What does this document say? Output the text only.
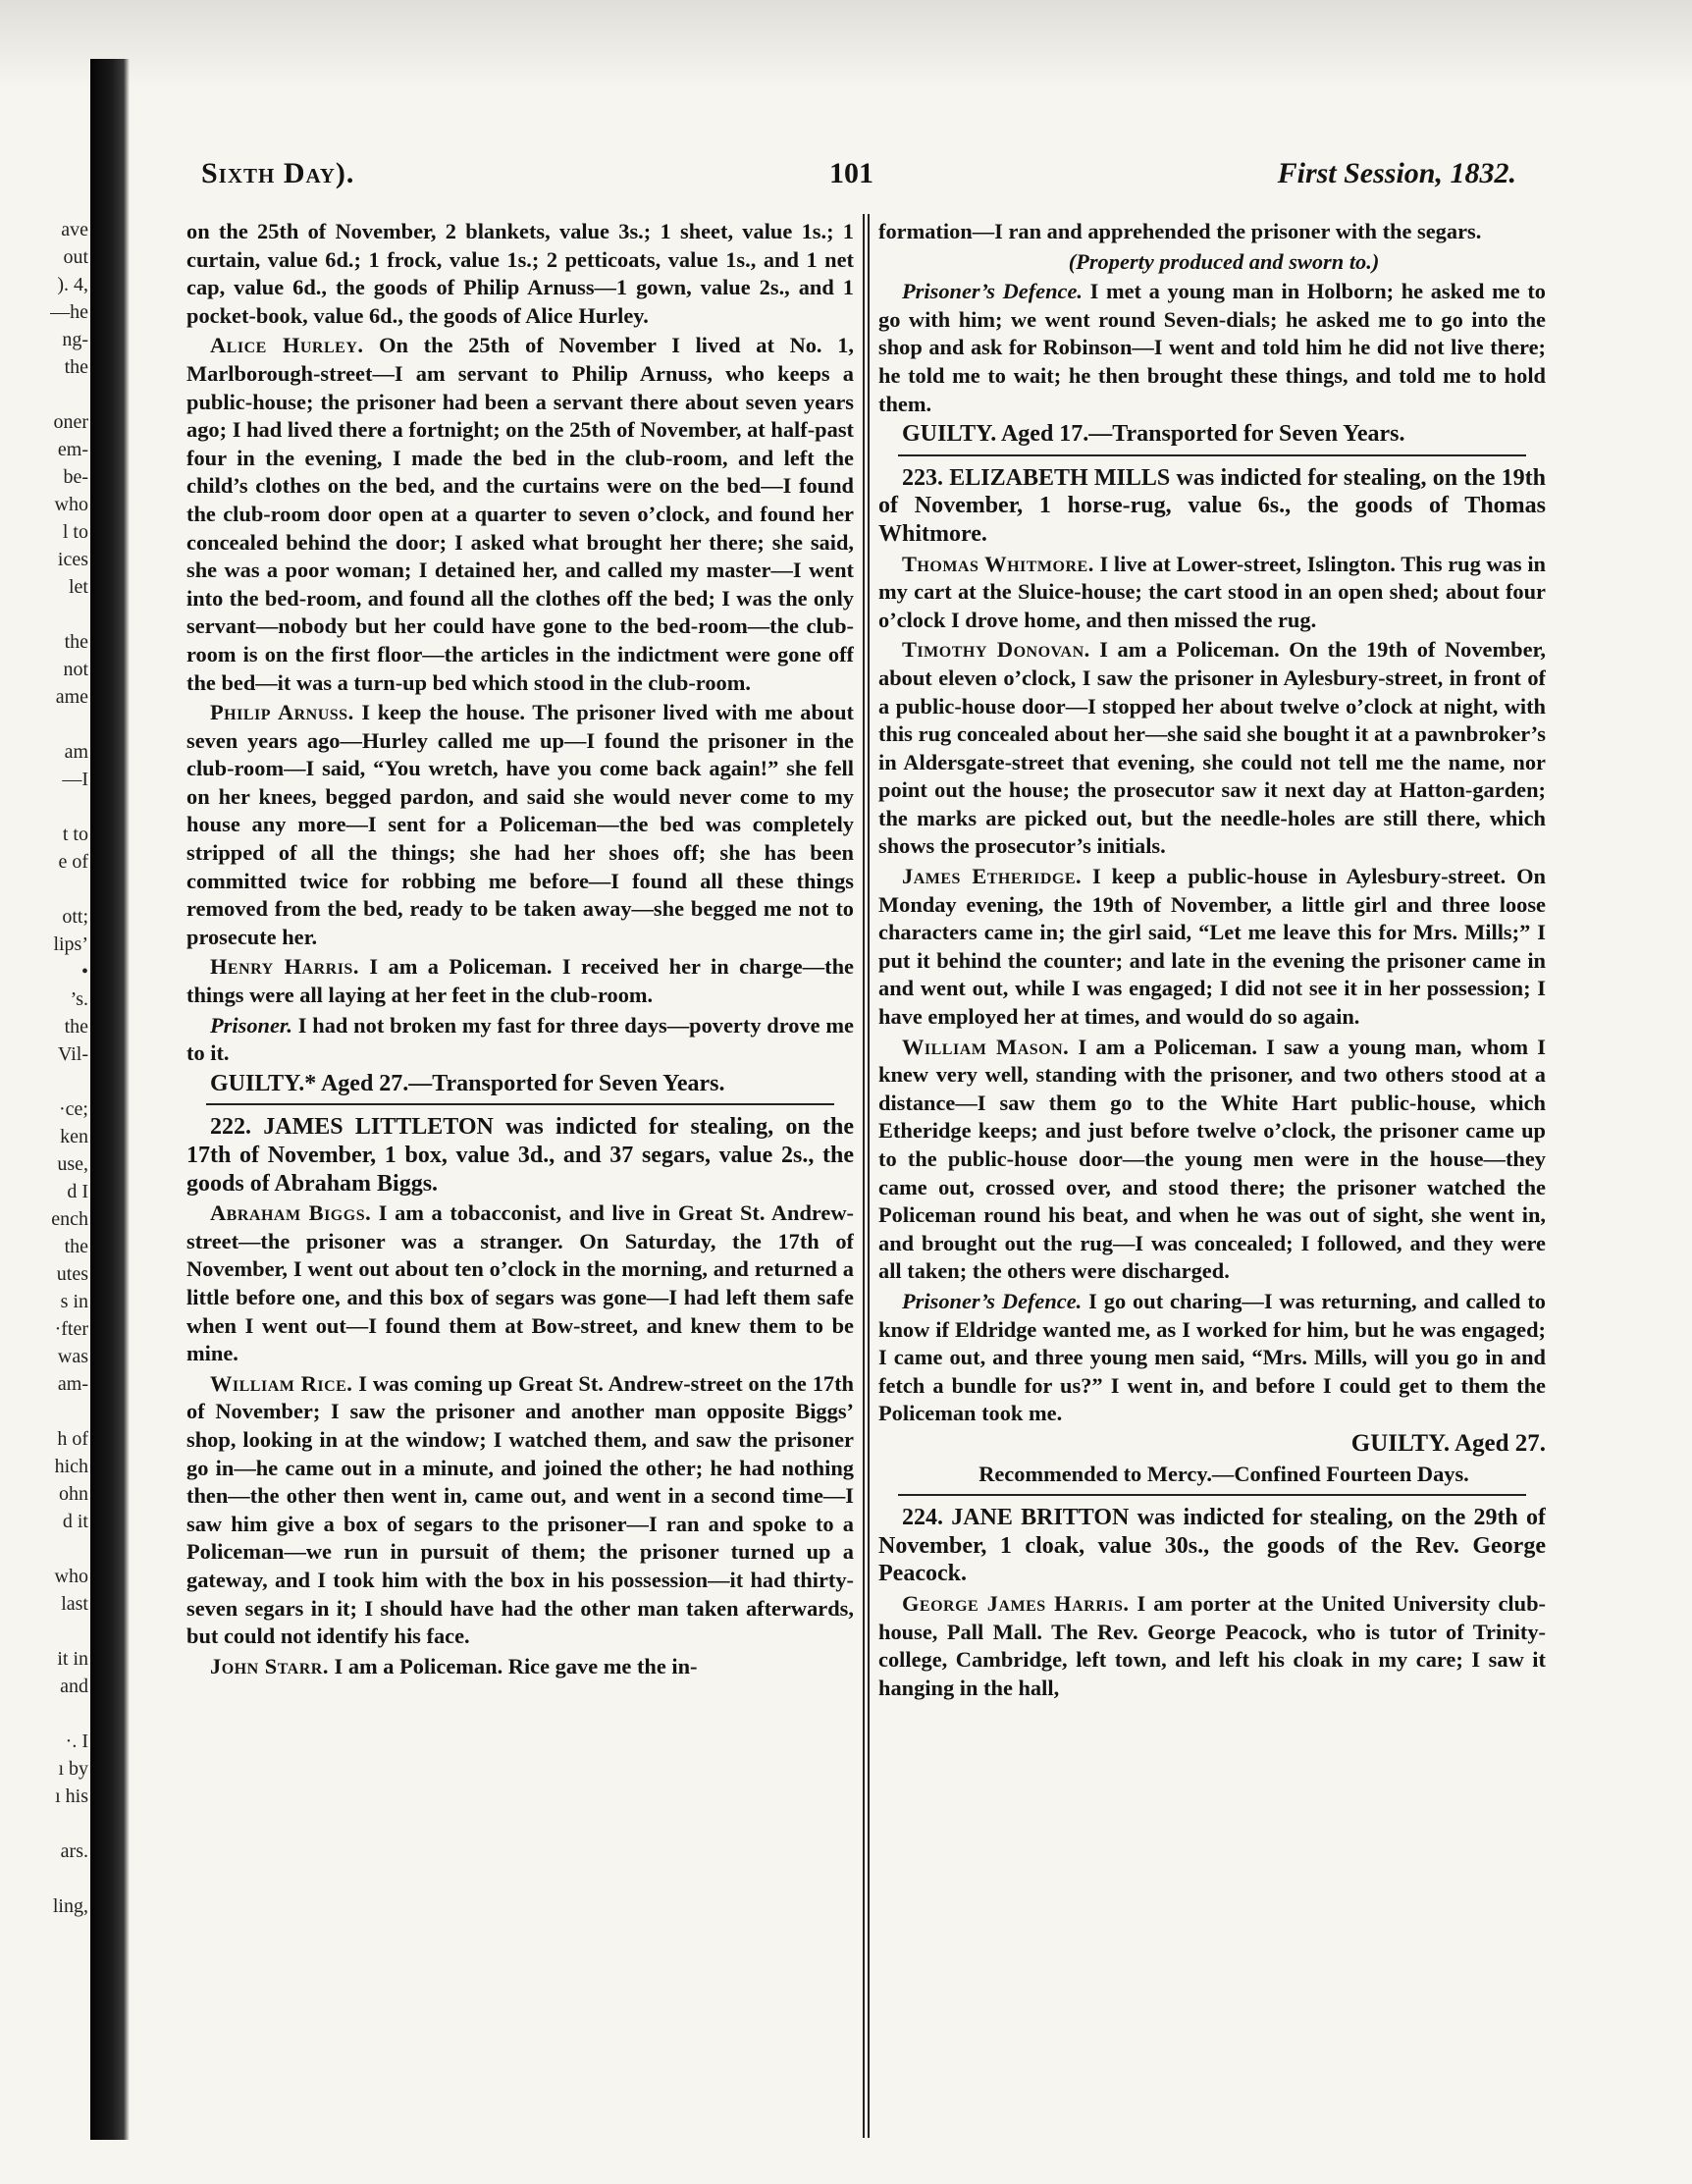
ave
out
). 4,
—he
ng-
the
oner
em-
be-
who
l to
ices
let
the
not
ame
am
—I
t to
e of
ott;
lips’
•
’s.
the
Vil-
·ce;
ken
use,
d I
ench
the
utes
s in
·fter
was
am-
h of
hich
ohn
d it
who
last
it in
and
·. I
ı by
ı his
ars.
ling,
Sixth Day).	101	First Session, 1832.

on the 25th of November, 2 blankets, value 3s.; 1 sheet, value 1s.; 1 curtain, value 6d.; 1 frock, value 1s.; 2 petticoats, value 1s., and 1 net cap, value 6d., the goods of Philip Arnuss—1 gown, value 2s., and 1 pocket-book, value 6d., the goods of Alice Hurley.

Alice Hurley. On the 25th of November I lived at No. 1, Marlborough-street—I am servant to Philip Arnuss, who keeps a public-house; the prisoner had been a servant there about seven years ago; I had lived there a fortnight; on the 25th of November, at half-past four in the evening, I made the bed in the club-room, and left the child’s clothes on the bed, and the curtains were on the bed—I found the club-room door open at a quarter to seven o’clock, and found her concealed behind the door; I asked what brought her there; she said, she was a poor woman; I detained her, and called my master—I went into the bed-room, and found all the clothes off the bed; I was the only servant—nobody but her could have gone to the bed-room—the club-room is on the first floor—the articles in the indictment were gone off the bed—it was a turn-up bed which stood in the club-room.

Philip Arnuss. I keep the house. The prisoner lived with me about seven years ago—Hurley called me up—I found the prisoner in the club-room—I said, “You wretch, have you come back again!” she fell on her knees, begged pardon, and said she would never come to my house any more—I sent for a Policeman—the bed was completely stripped of all the things; she had her shoes off; she has been committed twice for robbing me before—I found all these things removed from the bed, ready to be taken away—she begged me not to prosecute her.

Henry Harris. I am a Policeman. I received her in charge—the things were all laying at her feet in the club-room.

Prisoner. I had not broken my fast for three days—poverty drove me to it.

GUILTY.* Aged 27.—Transported for Seven Years.

222. JAMES LITTLETON was indicted for stealing, on the 17th of November, 1 box, value 3d., and 37 segars, value 2s., the goods of Abraham Biggs.

Abraham Biggs. I am a tobacconist, and live in Great St. Andrew-street—the prisoner was a stranger. On Saturday, the 17th of November, I went out about ten o’clock in the morning, and returned a little before one, and this box of segars was gone—I had left them safe when I went out—I found them at Bow-street, and knew them to be mine.

William Rice. I was coming up Great St. Andrew-street on the 17th of November; I saw the prisoner and another man opposite Biggs’ shop, looking in at the window; I watched them, and saw the prisoner go in—he came out in a minute, and joined the other; he had nothing then—the other then went in, came out, and went in a second time—I saw him give a box of segars to the prisoner—I ran and spoke to a Policeman—we run in pursuit of them; the prisoner turned up a gateway, and I took him with the box in his possession—it had thirty-seven segars in it; I should have had the other man taken afterwards, but could not identify his face.

John Starr. I am a Policeman. Rice gave me the in-

formation—I ran and apprehended the prisoner with the segars.

(Property produced and sworn to.)

Prisoner’s Defence. I met a young man in Holborn; he asked me to go with him; we went round Seven-dials; he asked me to go into the shop and ask for Robinson—I went and told him he did not live there; he told me to wait; he then brought these things, and told me to hold them.

GUILTY. Aged 17.—Transported for Seven Years.

223. ELIZABETH MILLS was indicted for stealing, on the 19th of November, 1 horse-rug, value 6s., the goods of Thomas Whitmore.

Thomas Whitmore. I live at Lower-street, Islington. This rug was in my cart at the Sluice-house; the cart stood in an open shed; about four o’clock I drove home, and then missed the rug.

Timothy Donovan. I am a Policeman. On the 19th of November, about eleven o’clock, I saw the prisoner in Aylesbury-street, in front of a public-house door—I stopped her about twelve o’clock at night, with this rug concealed about her—she said she bought it at a pawnbroker’s in Aldersgate-street that evening, she could not tell me the name, nor point out the house; the prosecutor saw it next day at Hatton-garden; the marks are picked out, but the needle-holes are still there, which shows the prosecutor’s initials.

James Etheridge. I keep a public-house in Aylesbury-street. On Monday evening, the 19th of November, a little girl and three loose characters came in; the girl said, “Let me leave this for Mrs. Mills;” I put it behind the counter; and late in the evening the prisoner came in and went out, while I was engaged; I did not see it in her possession; I have employed her at times, and would do so again.

William Mason. I am a Policeman. I saw a young man, whom I knew very well, standing with the prisoner, and two others stood at a distance—I saw them go to the White Hart public-house, which Etheridge keeps; and just before twelve o’clock, the prisoner came up to the public-house door—the young men were in the house—they came out, crossed over, and stood there; the prisoner watched the Policeman round his beat, and when he was out of sight, she went in, and brought out the rug—I was concealed; I followed, and they were all taken; the others were discharged.

Prisoner’s Defence. I go out charing—I was returning, and called to know if Eldridge wanted me, as I worked for him, but he was engaged; I came out, and three young men said, “Mrs. Mills, will you go in and fetch a bundle for us?” I went in, and before I could get to them the Policeman took me.

GUILTY. Aged 27.

Recommended to Mercy.—Confined Fourteen Days.

224. JANE BRITTON was indicted for stealing, on the 29th of November, 1 cloak, value 30s., the goods of the Rev. George Peacock.

George James Harris. I am porter at the United University club-house, Pall Mall. The Rev. George Peacock, who is tutor of Trinity-college, Cambridge, left town, and left his cloak in my care; I saw it hanging in the hall,
